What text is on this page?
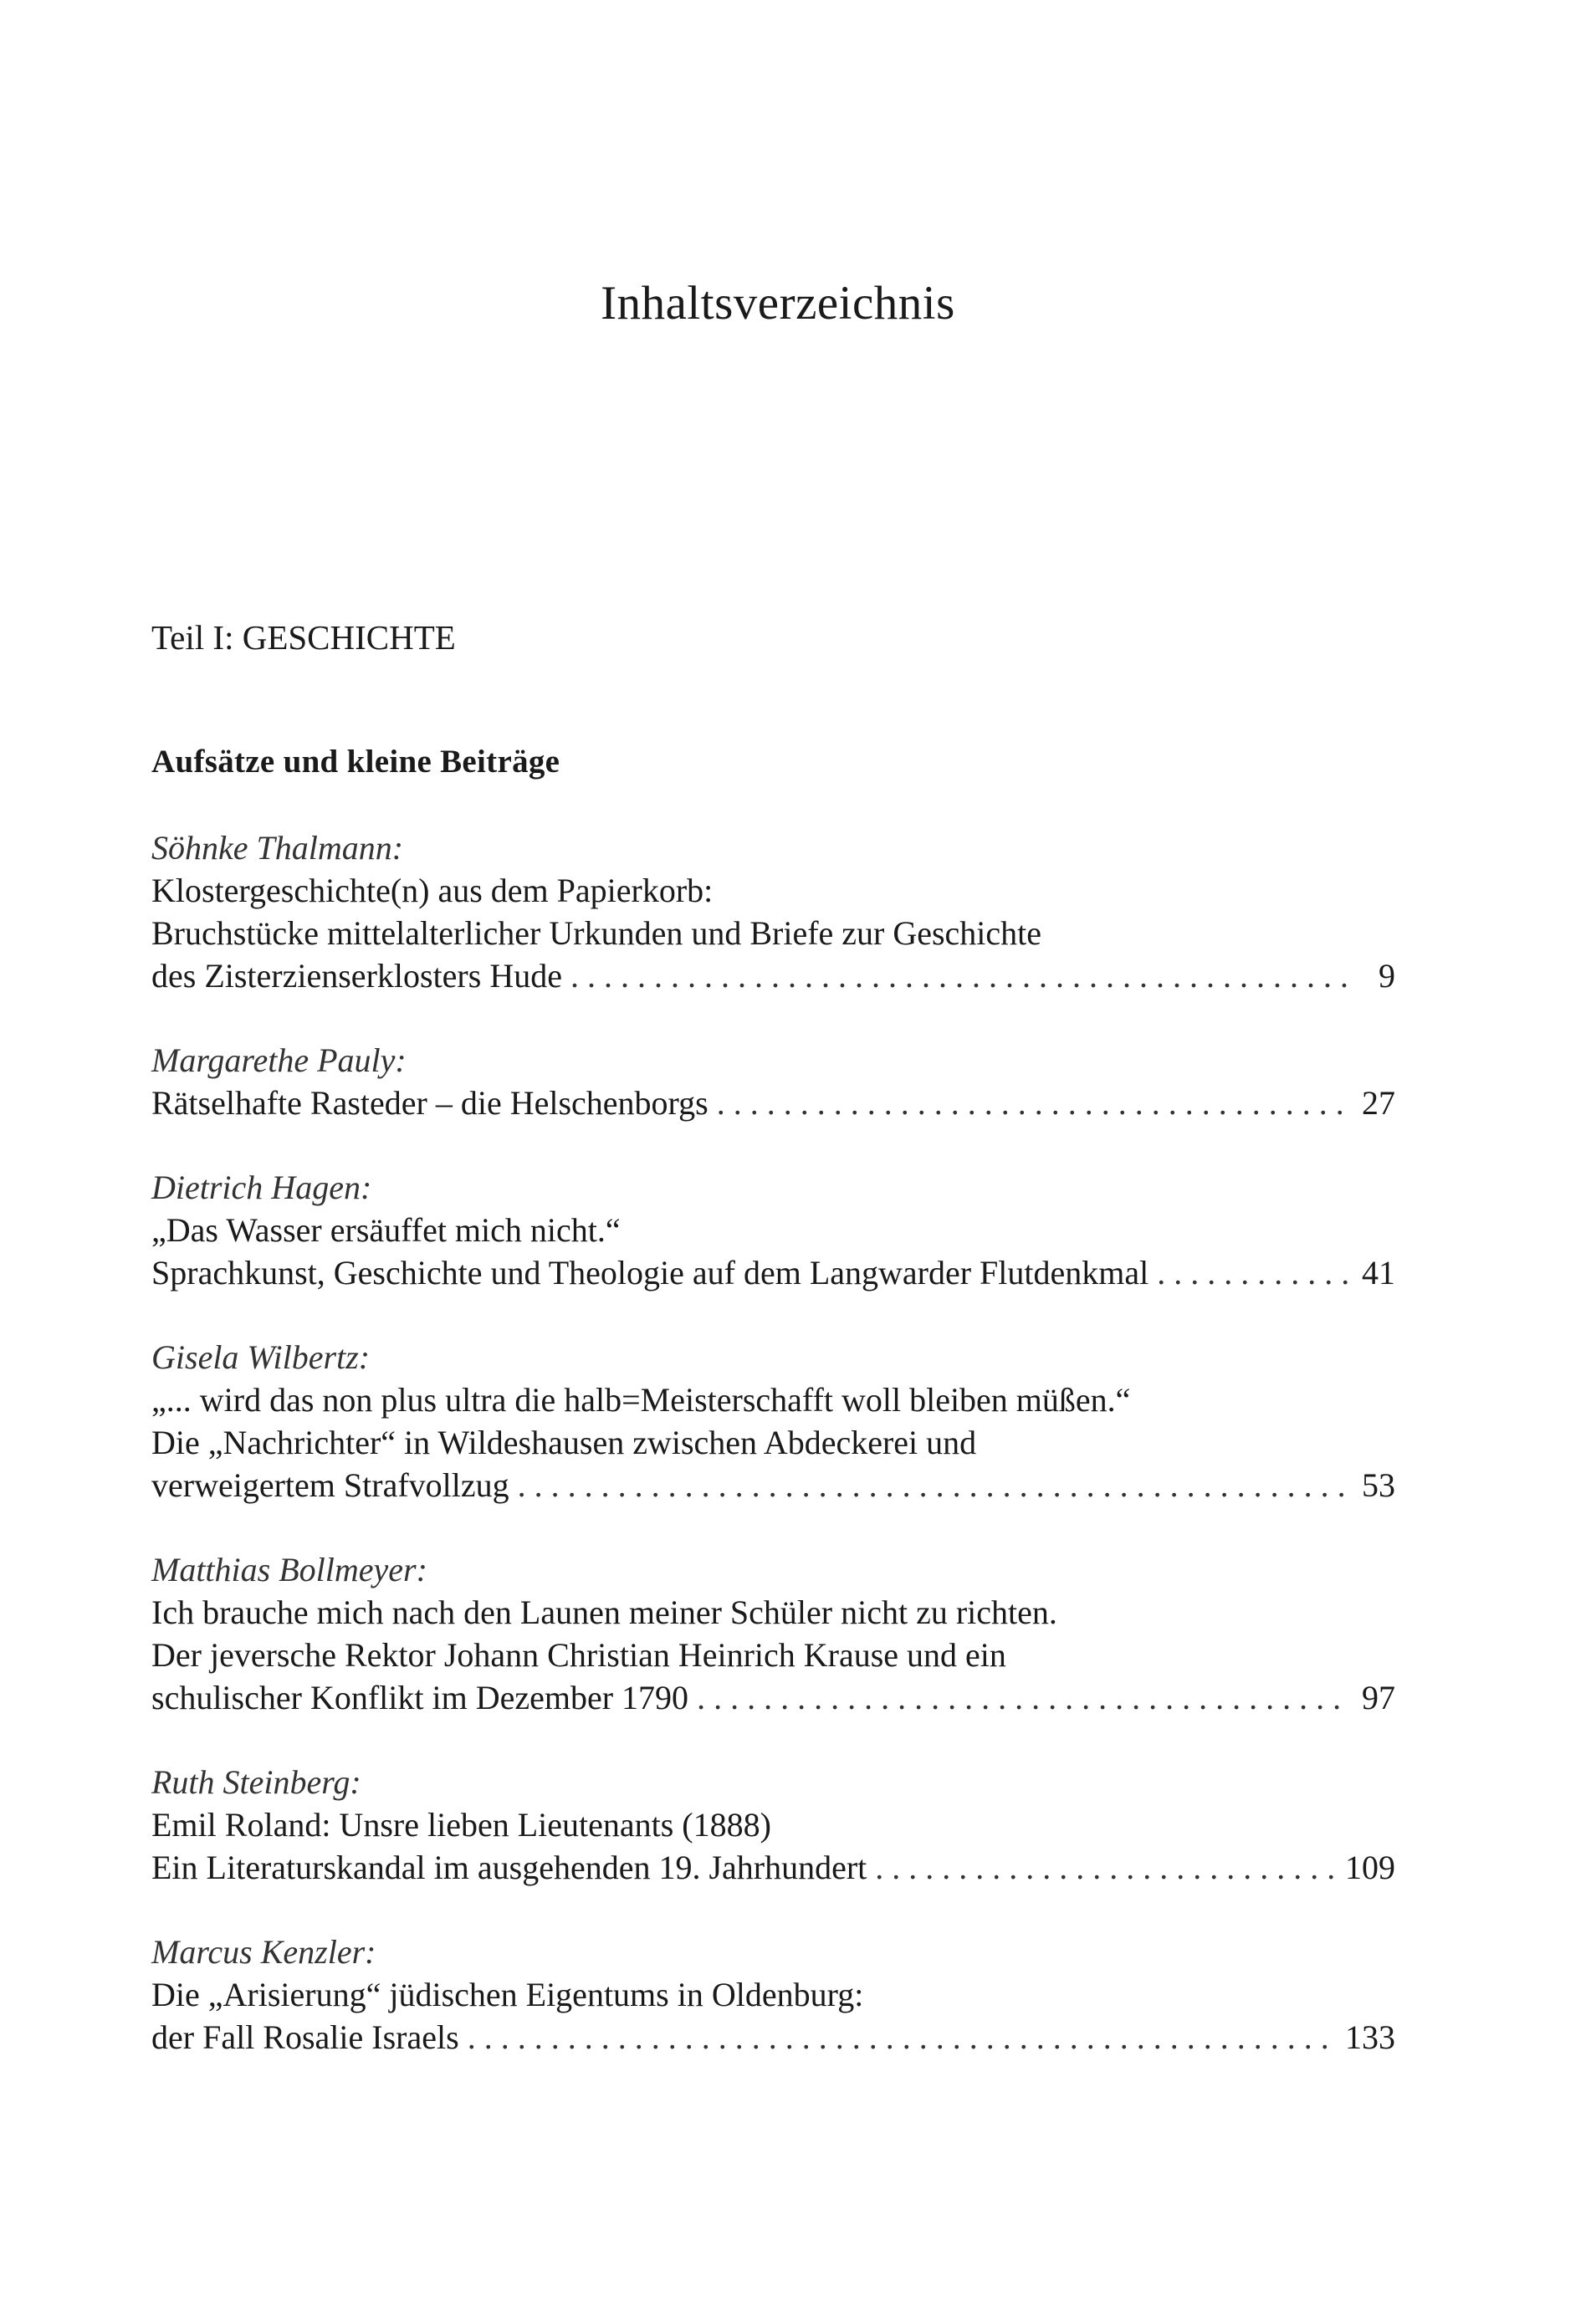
Inhaltsverzeichnis
Teil I: GESCHICHTE
Aufsätze und kleine Beiträge
Söhnke Thalmann:
Klostergeschichte(n) aus dem Papierkorb:
Bruchstücke mittelalterlicher Urkunden und Briefe zur Geschichte
des Zisterzienserklosters Hude . . .	9
Margarethe Pauly:
Rätselhafte Rasteder – die Helschenborgs . . .	27
Dietrich Hagen:
„Das Wasser ersäuffet mich nicht.“
Sprachkunst, Geschichte und Theologie auf dem Langwarder Flutdenkmal . . .	41
Gisela Wilbertz:
„... wird das non plus ultra die halb=Meisterschafft woll bleiben müßen.“
Die „Nachrichter“ in Wildeshausen zwischen Abdeckerei und
verweigertem Strafvollzug . . .	53
Matthias Bollmeyer:
Ich brauche mich nach den Launen meiner Schüler nicht zu richten.
Der jeversche Rektor Johann Christian Heinrich Krause und ein
schulischer Konflikt im Dezember 1790 . . .	97
Ruth Steinberg:
Emil Roland: Unsre lieben Lieutenants (1888)
Ein Literaturskandal im ausgehenden 19. Jahrhundert . . .	109
Marcus Kenzler:
Die „Arisierung“ jüdischen Eigentums in Oldenburg:
der Fall Rosalie Israels . . .	133
